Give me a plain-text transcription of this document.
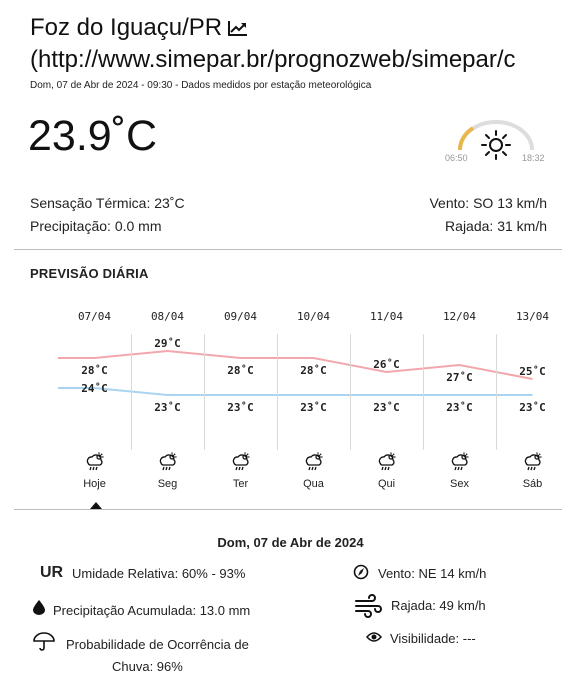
Foz do Iguaçu/PR
(http://www.simepar.br/prognozweb/simepar/c
Dom, 07 de Abr de 2024 - 09:30 - Dados medidos por estação meteorológica
23.9˚C	06:50	18:32
Sensação Térmica: 23˚C
Precipitação: 0.0 mm
Vento: SO 13 km/h
Rajada: 31 km/h
PREVISÃO DIÁRIA
07/04
28˚C
24˚C
Hoje
08/04
29˚C
23˚C
Seg
09/04
28˚C
23˚C
Ter
10/04
28˚C
23˚C
Qua
11/04
26˚C
23˚C
Qui
12/04
27˚C
23˚C
Sex
13/04
25˚C
23˚C
Sáb
Dom, 07 de Abr de 2024
UR Umidade Relativa: 60% - 93%
Precipitação Acumulada: 13.0 mm
Probabilidade de Ocorrência de
Chuva: 96%
Vento: NE 14 km/h
Rajada: 49 km/h
Visibilidade: ---
